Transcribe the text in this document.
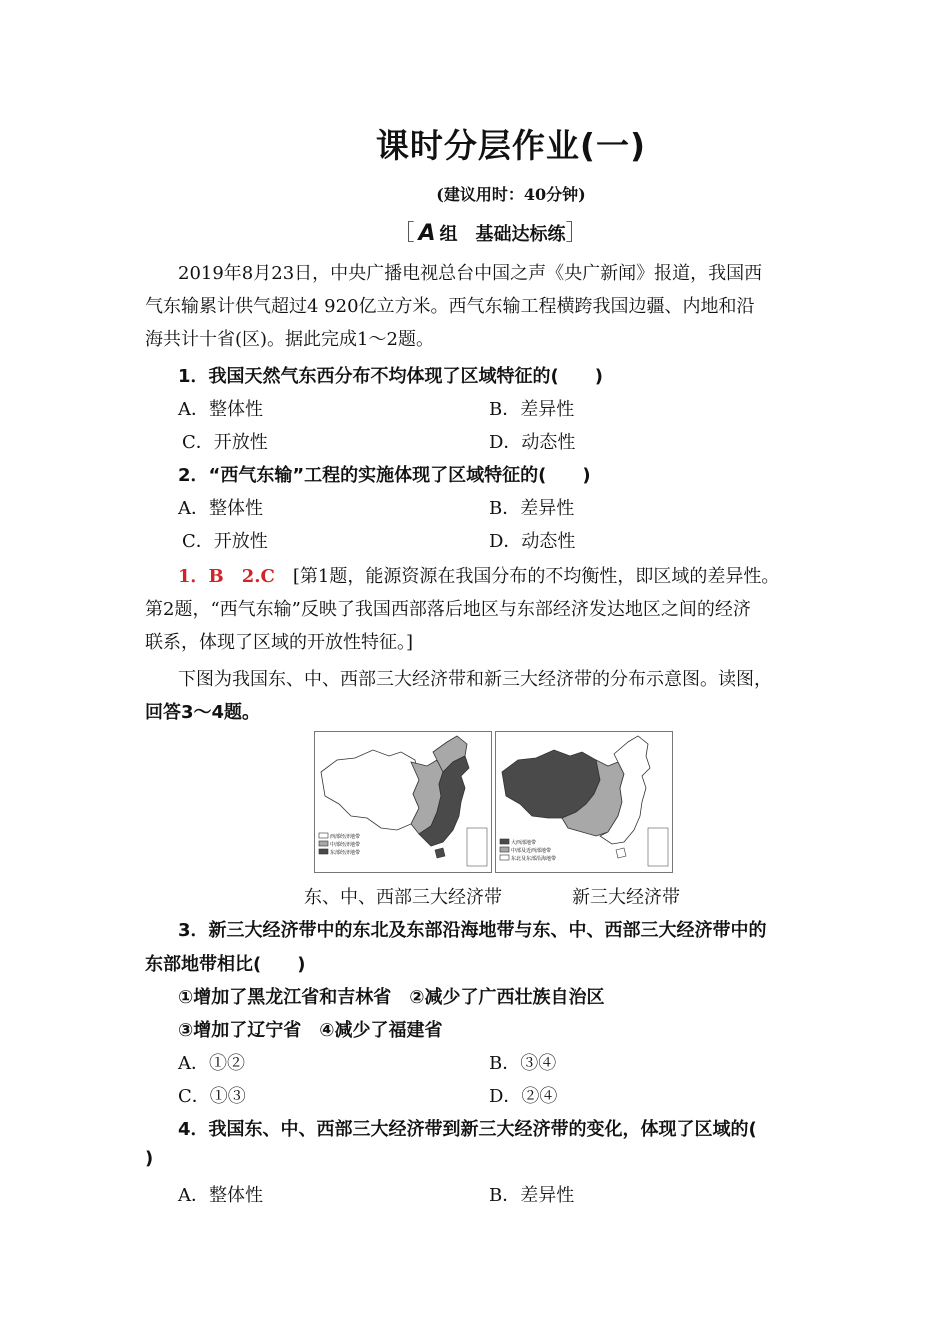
课时分层作业(一)
(建议用时：40分钟)
［ A 组　基础达标练］
2019年8月23日，中央广播电视总台中国之声《央广新闻》报道，我国西
气东输累计供气超过4 920亿立方米。西气东输工程横跨我国边疆、内地和沿
海共计十省(区)。据此完成1～2题。
1．我国天然气东西分布不均体现了区域特征的(　　)
A．整体性	B．差异性
C．开放性	D．动态性
2．“西气东输”工程的实施体现了区域特征的(　　)
A．整体性	B．差异性
C．开放性	D．动态性
1．B　2.C　 [第1题，能源资源在我国分布的不均衡性，即区域的差异性。
第2题，“西气东输”反映了我国西部落后地区与东部经济发达地区之间的经济
联系，体现了区域的开放性特征。]
下图为我国东、中、西部三大经济带和新三大经济带的分布示意图。读图，
回答3～4题。
西部经济地带
中部经济地带
东部经济地带
大西部地带
中部及近西部地带
东北及东部沿海地带
东、中、西部三大经济带	新三大经济带
3．新三大经济带中的东北及东部沿海地带与东、中、西部三大经济带中的
东部地带相比(　　)
①增加了黑龙江省和吉林省　②减少了广西壮族自治区
③增加了辽宁省　④减少了福建省
A．①②	B．③④
C．①③	D．②④
4．我国东、中、西部三大经济带到新三大经济带的变化，体现了区域的(
)
A．整体性	B．差异性
